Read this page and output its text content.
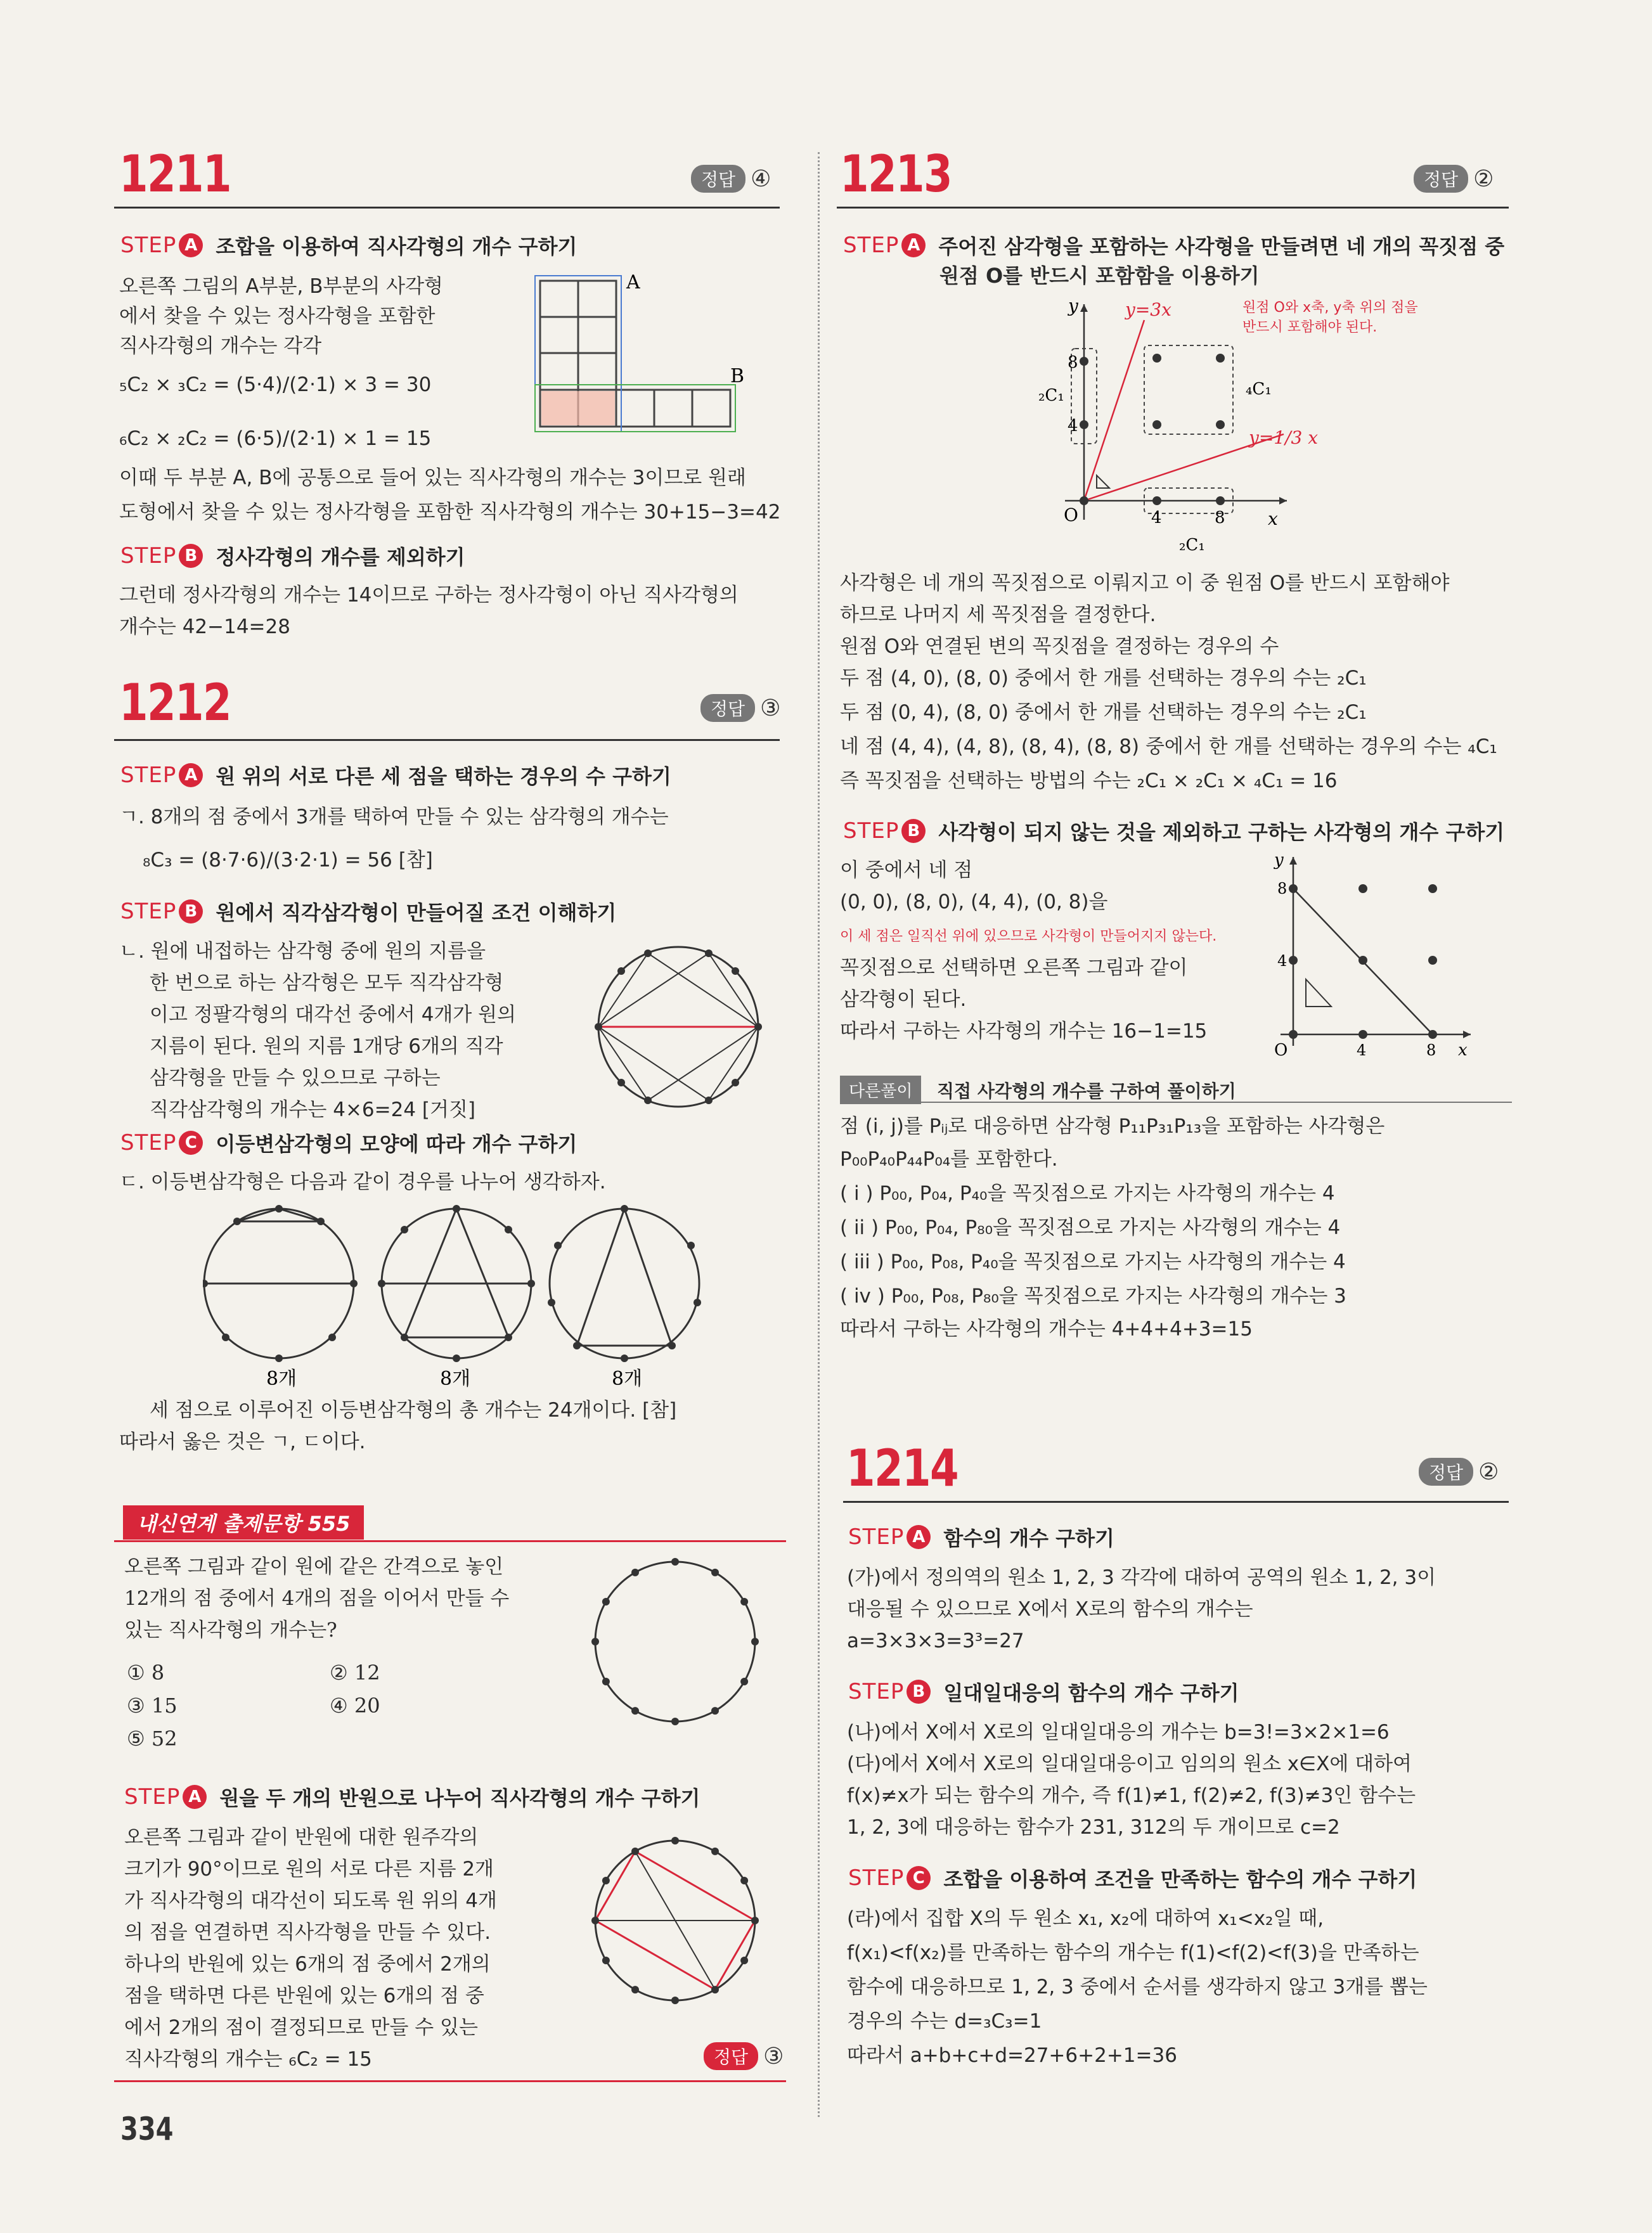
1211	정답 ④
STEP A 조합을 이용하여 직사각형의 개수 구하기
오른쪽 그림의 A부분, B부분의 사각형
에서 찾을 수 있는 정사각형을 포함한
직사각형의 개수는 각각
₅C₂ × ₃C₂ = (5·4)/(2·1) × 3 = 30
₆C₂ × ₂C₂ = (6·5)/(2·1) × 1 = 15
이때 두 부분 A, B에 공통으로 들어 있는 직사각형의 개수는 3이므로 원래
도형에서 찾을 수 있는 정사각형을 포함한 직사각형의 개수는 30+15−3=42
A
B
STEP B 정사각형의 개수를 제외하기
그런데 정사각형의 개수는 14이므로 구하는 정사각형이 아닌 직사각형의
개수는 42−14=28
1212	정답 ③
STEP A 원 위의 서로 다른 세 점을 택하는 경우의 수 구하기
ㄱ. 8개의 점 중에서 3개를 택하여 만들 수 있는 삼각형의 개수는
₈C₃ = (8·7·6)/(3·2·1) = 56 [참]
STEP B 원에서 직각삼각형이 만들어질 조건 이해하기
ㄴ. 원에 내접하는 삼각형 중에 원의 지름을
한 번으로 하는 삼각형은 모두 직각삼각형
이고 정팔각형의 대각선 중에서 4개가 원의
지름이 된다. 원의 지름 1개당 6개의 직각
삼각형을 만들 수 있으므로 구하는
직각삼각형의 개수는 4×6=24 [거짓]
STEP C 이등변삼각형의 모양에 따라 개수 구하기
ㄷ. 이등변삼각형은 다음과 같이 경우를 나누어 생각하자.
8개	8개	8개
세 점으로 이루어진 이등변삼각형의 총 개수는 24개이다. [참]
따라서 옳은 것은 ㄱ, ㄷ이다.
내신연계 출제문항 555
오른쪽 그림과 같이 원에 같은 간격으로 놓인
12개의 점 중에서 4개의 점을 이어서 만들 수
있는 직사각형의 개수는?
① 8	② 12
③ 15	④ 20
⑤ 52
STEP A 원을 두 개의 반원으로 나누어 직사각형의 개수 구하기
오른쪽 그림과 같이 반원에 대한 원주각의
크기가 90°이므로 원의 서로 다른 지름 2개
가 직사각형의 대각선이 되도록 원 위의 4개
의 점을 연결하면 직사각형을 만들 수 있다.
하나의 반원에 있는 6개의 점 중에서 2개의
점을 택하면 다른 반원에 있는 6개의 점 중
에서 2개의 점이 결정되므로 만들 수 있는
직사각형의 개수는 ₆C₂ = 15	정답 ③
334
1213	정답 ②
STEP A 주어진 삼각형을 포함하는 사각형을 만들려면 네 개의 꼭짓점 중
원점 O를 반드시 포함함을 이용하기
원점 O와 x축, y축 위의 점을
반드시 포함해야 된다.
y
x
O
4
8
4	8
y=3x
y=1/3 x
₂C₁	₄C₁
₂C₁
사각형은 네 개의 꼭짓점으로 이뤄지고 이 중 원점 O를 반드시 포함해야
하므로 나머지 세 꼭짓점을 결정한다.
원점 O와 연결된 변의 꼭짓점을 결정하는 경우의 수
두 점 (4, 0), (8, 0) 중에서 한 개를 선택하는 경우의 수는 ₂C₁
두 점 (0, 4), (8, 0) 중에서 한 개를 선택하는 경우의 수는 ₂C₁
네 점 (4, 4), (4, 8), (8, 4), (8, 8) 중에서 한 개를 선택하는 경우의 수는 ₄C₁
즉 꼭짓점을 선택하는 방법의 수는 ₂C₁ × ₂C₁ × ₄C₁ = 16
STEP B 사각형이 되지 않는 것을 제외하고 구하는 사각형의 개수 구하기
이 중에서 네 점
(0, 0), (8, 0), (4, 4), (0, 8)을
이 세 점은 일직선 위에 있으므로 사각형이 만들어지지 않는다.
꼭짓점으로 선택하면 오른쪽 그림과 같이
삼각형이 된다.
따라서 구하는 사각형의 개수는 16−1=15
y
x
O
8
4
4	8
다른풀이	직접 사각형의 개수를 구하여 풀이하기
점 (i, j)를 Pᵢⱼ로 대응하면 삼각형 P₁₁P₃₁P₁₃을 포함하는 사각형은
P₀₀P₄₀P₄₄P₀₄를 포함한다.
( i ) P₀₀, P₀₄, P₄₀을 꼭짓점으로 가지는 사각형의 개수는 4
( ii ) P₀₀, P₀₄, P₈₀을 꼭짓점으로 가지는 사각형의 개수는 4
( iii ) P₀₀, P₀₈, P₄₀을 꼭짓점으로 가지는 사각형의 개수는 4
( iv ) P₀₀, P₀₈, P₈₀을 꼭짓점으로 가지는 사각형의 개수는 3
따라서 구하는 사각형의 개수는 4+4+4+3=15
1214	정답 ②
STEP A 함수의 개수 구하기
(가)에서 정의역의 원소 1, 2, 3 각각에 대하여 공역의 원소 1, 2, 3이
대응될 수 있으므로 X에서 X로의 함수의 개수는
a=3×3×3=3³=27
STEP B 일대일대응의 함수의 개수 구하기
(나)에서 X에서 X로의 일대일대응의 개수는 b=3!=3×2×1=6
(다)에서 X에서 X로의 일대일대응이고 임의의 원소 x∈X에 대하여
f(x)≠x가 되는 함수의 개수, 즉 f(1)≠1, f(2)≠2, f(3)≠3인 함수는
1, 2, 3에 대응하는 함수가 231, 312의 두 개이므로 c=2
STEP C 조합을 이용하여 조건을 만족하는 함수의 개수 구하기
(라)에서 집합 X의 두 원소 x₁, x₂에 대하여 x₁<x₂일 때,
f(x₁)<f(x₂)를 만족하는 함수의 개수는 f(1)<f(2)<f(3)을 만족하는
함수에 대응하므로 1, 2, 3 중에서 순서를 생각하지 않고 3개를 뽑는
경우의 수는 d=₃C₃=1
따라서 a+b+c+d=27+6+2+1=36
